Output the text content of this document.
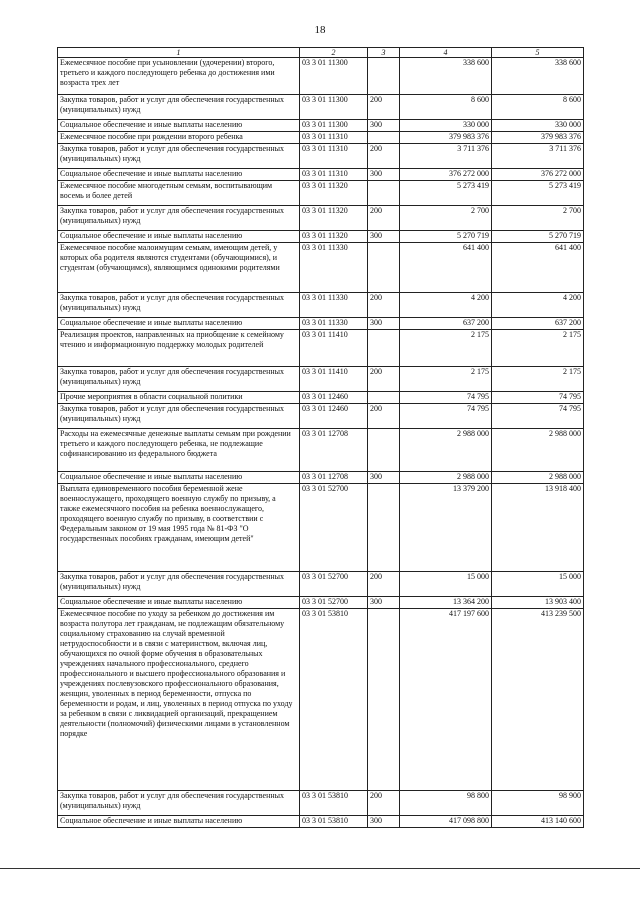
18
1	2	3	4	5
Ежемесячное пособие при усыновлении (удочерении) второго, третьего и каждого последующего ребенка до достижения ими возраста трех лет	03 3 01 11300		338 600	338 600
Закупка товаров, работ и услуг для обеспечения государственных (муниципальных) нужд	03 3 01 11300	200	8 600	8 600
Социальное обеспечение и иные выплаты населению	03 3 01 11300	300	330 000	330 000
Ежемесячное пособие при рождении второго ребенка	03 3 01 11310		379 983 376	379 983 376
Закупка товаров, работ и услуг для обеспечения государственных (муниципальных) нужд	03 3 01 11310	200	3 711 376	3 711 376
Социальное обеспечение и иные выплаты населению	03 3 01 11310	300	376 272 000	376 272 000
Ежемесячное пособие многодетным семьям, воспитывающим восемь и более детей	03 3 01 11320		5 273 419	5 273 419
Закупка товаров, работ и услуг для обеспечения государственных (муниципальных) нужд	03 3 01 11320	200	2 700	2 700
Социальное обеспечение и иные выплаты населению	03 3 01 11320	300	5 270 719	5 270 719
Ежемесячное пособие малоимущим семьям, имеющим детей, у которых оба родителя являются студентами (обучающимися), и студентам (обучающимся), являющимся одинокими родителями	03 3 01 11330		641 400	641 400
Закупка товаров, работ и услуг для обеспечения государственных (муниципальных) нужд	03 3 01 11330	200	4 200	4 200
Социальное обеспечение и иные выплаты населению	03 3 01 11330	300	637 200	637 200
Реализация проектов, направленных на приобщение к семейному чтению и информационную поддержку молодых родителей	03 3 01 11410		2 175	2 175
Закупка товаров, работ и услуг для обеспечения государственных (муниципальных) нужд	03 3 01 11410	200	2 175	2 175
Прочие мероприятия в области социальной политики	03 3 01 12460		74 795	74 795
Закупка товаров, работ и услуг для обеспечения государственных (муниципальных) нужд	03 3 01 12460	200	74 795	74 795
Расходы на ежемесячные денежные выплаты семьям при рождении третьего и каждого последующего ребенка, не подлежащие софинансированию из федерального бюджета	03 3 01 12708		2 988 000	2 988 000
Социальное обеспечение и иные выплаты населению	03 3 01 12708	300	2 988 000	2 988 000
Выплата единовременного пособия беременной жене военнослужащего, проходящего военную службу по призыву, а также ежемесячного пособия на ребенка военнослужащего, проходящего военную службу по призыву, в соответствии с Федеральным законом от 19 мая 1995 года № 81-ФЗ "О государственных пособиях гражданам, имеющим детей"	03 3 01 52700		13 379 200	13 918 400
Закупка товаров, работ и услуг для обеспечения государственных (муниципальных) нужд	03 3 01 52700	200	15 000	15 000
Социальное обеспечение и иные выплаты населению	03 3 01 52700	300	13 364 200	13 903 400
Ежемесячное пособие по уходу за ребенком до достижения им возраста полутора лет гражданам, не подлежащим обязательному социальному страхованию на случай временной нетрудоспособности и в связи с материнством, включая лиц, обучающихся по очной форме обучения в образовательных учреждениях начального профессионального, среднего профессионального и высшего профессионального образования и учреждениях послевузовского профессионального образования, женщин, уволенных в период беременности, отпуска по беременности и родам, и лиц, уволенных в период отпуска по уходу за ребенком в связи с ликвидацией организаций, прекращением деятельности (полномочий) физическими лицами в установленном порядке	03 3 01 53810		417 197 600	413 239 500
Закупка товаров, работ и услуг для обеспечения государственных (муниципальных) нужд	03 3 01 53810	200	98 800	98 900
Социальное обеспечение и иные выплаты населению	03 3 01 53810	300	417 098 800	413 140 600
